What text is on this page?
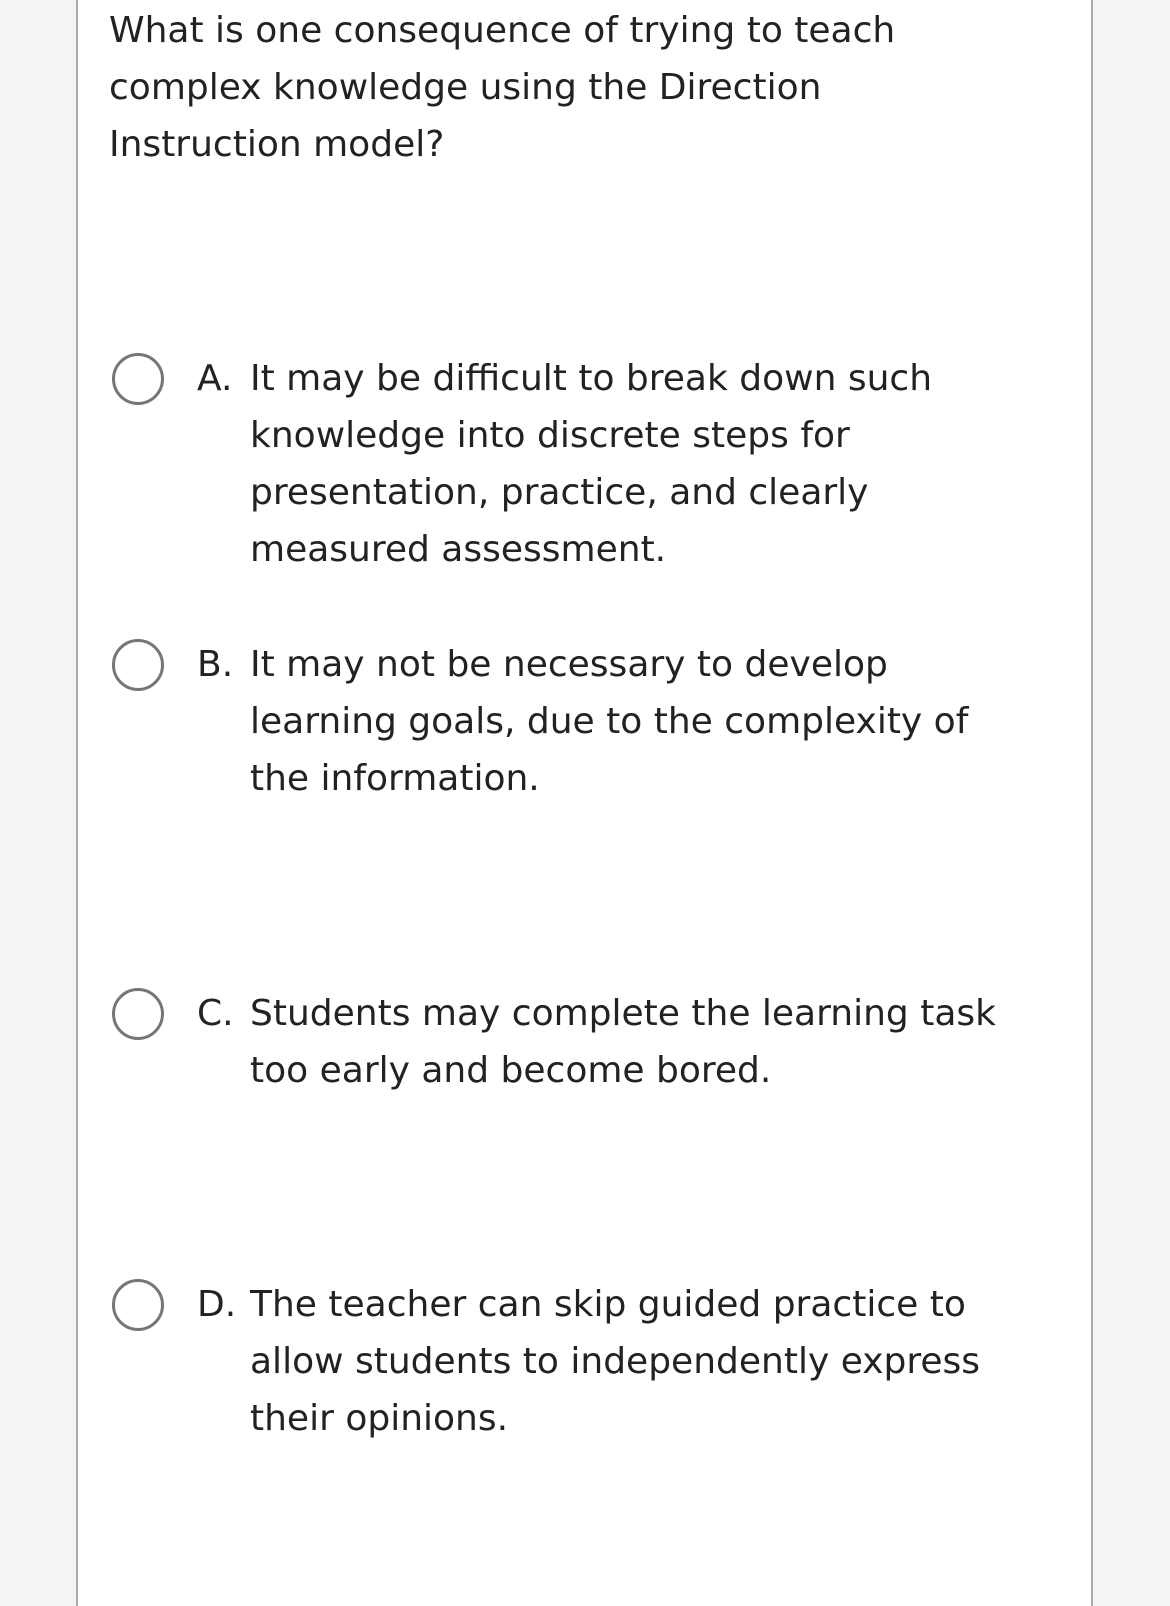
What is one consequence of trying to teach complex knowledge using the Direction Instruction model?

A. It may be difficult to break down such knowledge into discrete steps for presentation, practice, and clearly measured assessment.
B. It may not be necessary to develop learning goals, due to the complexity of the information.
C. Students may complete the learning task too early and become bored.
D. The teacher can skip guided practice to allow students to independently express their opinions.
